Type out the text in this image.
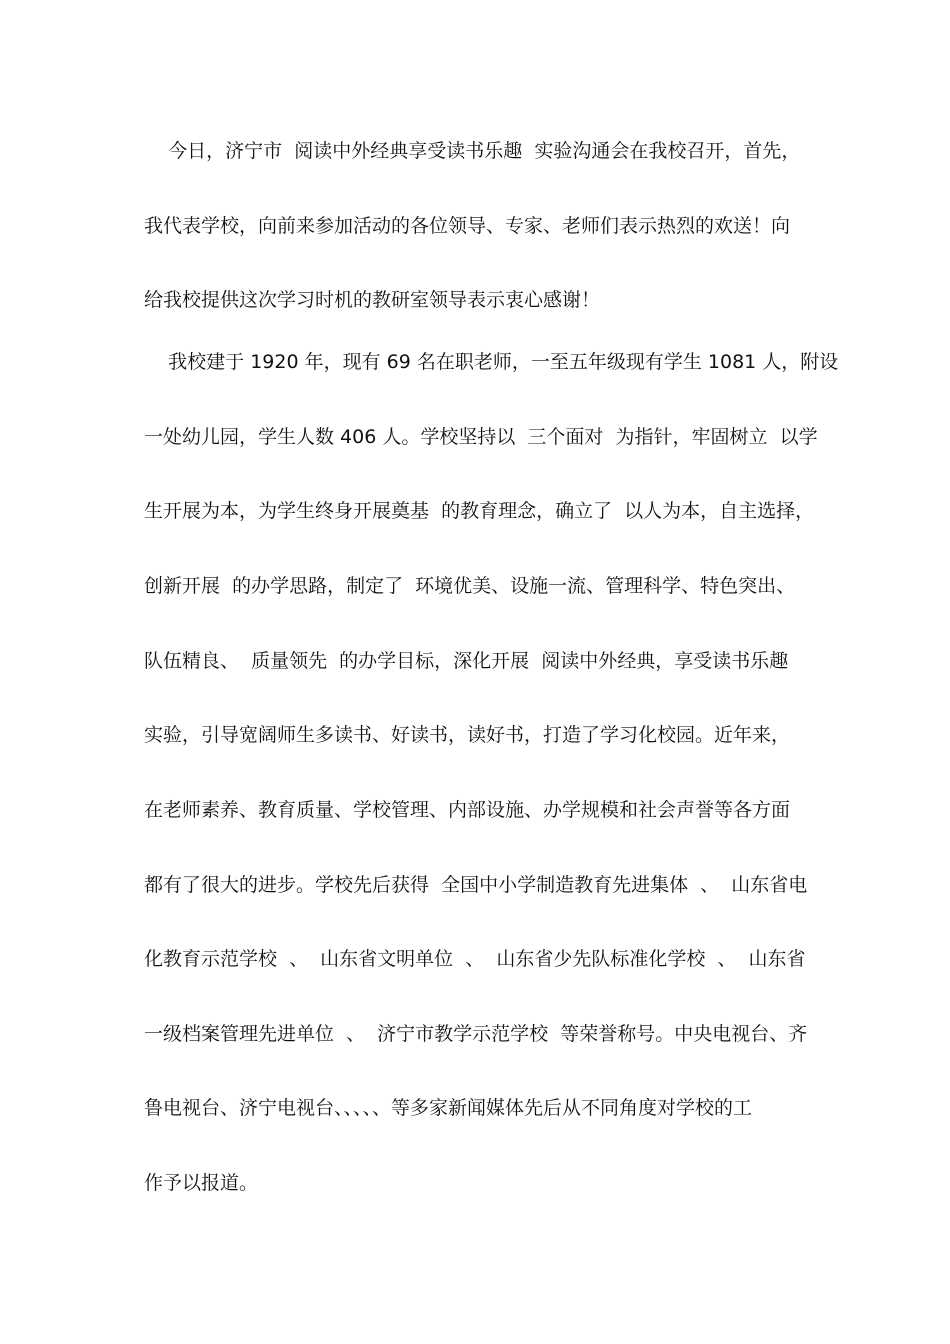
今日，济宁市  阅读中外经典享受读书乐趣  实验沟通会在我校召开，首先，
我代表学校，向前来参加活动的各位领导、专家、老师们表示热烈的欢送！向
给我校提供这次学习时机的教研室领导表示衷心感谢！
我校建于 1920 年，现有 69 名在职老师，一至五年级现有学生 1081 人，附设
一处幼儿园，学生人数 406 人。学校坚持以  三个面对  为指针，牢固树立  以学
生开展为本，为学生终身开展奠基  的教育理念，确立了  以人为本，自主选择，
创新开展  的办学思路，制定了  环境优美、设施一流、管理科学、特色突出、
队伍精良、  质量领先  的办学目标，深化开展  阅读中外经典，享受读书乐趣
实验，引导宽阔师生多读书、好读书，读好书，打造了学习化校园。近年来，
在老师素养、教育质量、学校管理、内部设施、办学规模和社会声誉等各方面
都有了很大的进步。学校先后获得  全国中小学制造教育先进集体  、  山东省电
化教育示范学校  、  山东省文明单位  、  山东省少先队标准化学校  、  山东省
一级档案管理先进单位  、  济宁市教学示范学校  等荣誉称号。中央电视台、齐
鲁电视台、济宁电视台、、、、、等多家新闻媒体先后从不同角度对学校的工
作予以报道。
